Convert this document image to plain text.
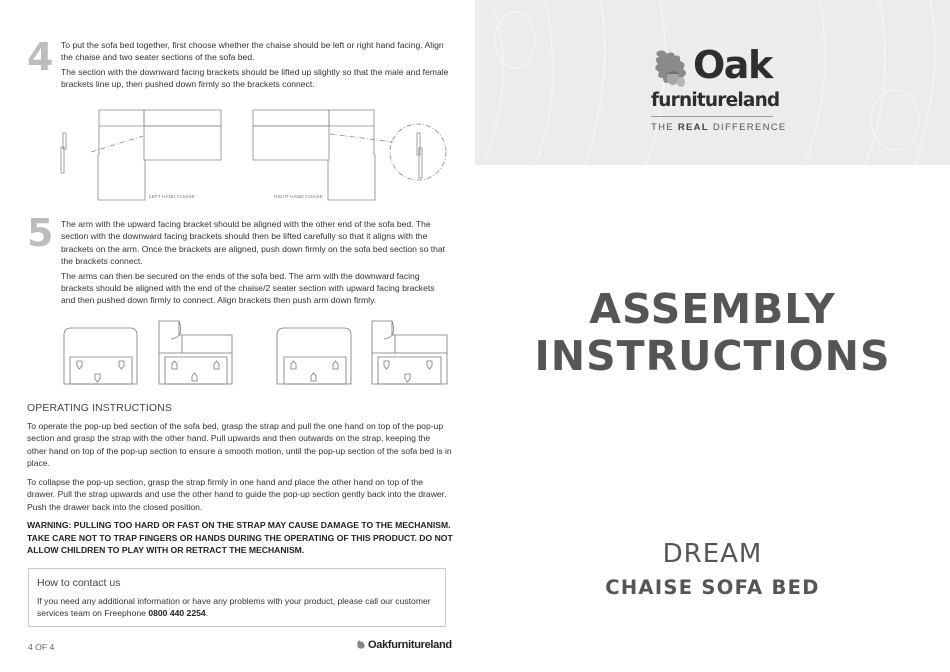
4 To put the sofa bed together, first choose whether the chaise should be left or right hand facing. Align the chaise and two seater sections of the sofa bed.

The section with the downward facing brackets should be lifted up slightly so that the male and female brackets line up, then pushed down firmly so the brackets connect.

LEFT HAND CHAISE	RIGHT HAND CHAISE
5 The arm with the upward facing bracket should be aligned with the other end of the sofa bed. The section with the downward facing brackets should then be lifted carefully so that it aligns with the brackets on the arm. Once the brackets are aligned, push down firmly on the sofa bed section so that the brackets connect.

The arms can then be secured on the ends of the sofa bed. The arm with the downward facing brackets should be aligned with the end of the chaise/2 seater section with upward facing brackets and then pushed down firmly to connect. Align brackets then push arm down firmly.

OPERATING INSTRUCTIONS
To operate the pop-up bed section of the sofa bed, grasp the strap and pull the one hand on top of the pop-up section and grasp the strap with the other hand. Pull upwards and then outwards on the strap, keeping the other hand on top of the pop-up section to ensure a smooth motion, until the pop-up section of the sofa bed is in place.
To collapse the pop-up section, grasp the strap firmly in one hand and place the other hand on top of the drawer. Pull the strap upwards and use the other hand to guide the pop-up section gently back into the drawer. Push the drawer back into the closed position.
WARNING: PULLING TOO HARD OR FAST ON THE STRAP MAY CAUSE DAMAGE TO THE MECHANISM. TAKE CARE NOT TO TRAP FINGERS OR HANDS DURING THE OPERATING OF THIS PRODUCT. DO NOT ALLOW CHILDREN TO PLAY WITH OR RETRACT THE MECHANISM.
How to contact us
If you need any additional information or have any problems with your product, please call our customer services team on Freephone 0800 440 2254.
4 OF 4	Oakfurnitureland
Oak
furnitureland
THE REAL DIFFERENCE
ASSEMBLY
INSTRUCTIONS
DREAM
CHAISE SOFA BED
